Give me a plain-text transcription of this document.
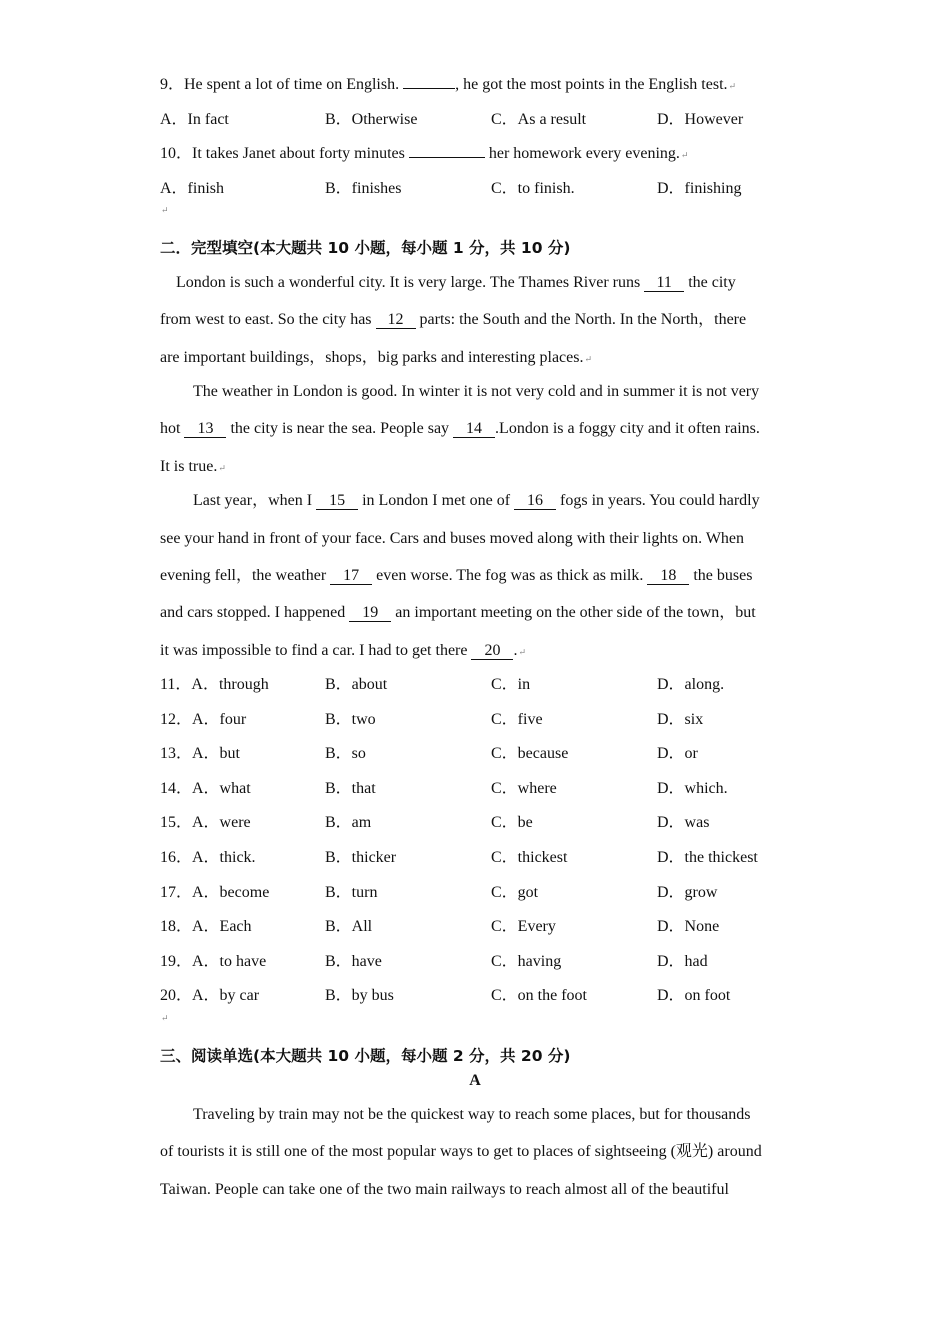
9．He spent a lot of time on English.	, he got the most points in the English test.↵
A．In fact	B．Otherwise	C．As a result	D．However
10．It takes Janet about forty minutes	her homework every evening.↵
A．finish	B．finishes	C．to finish.	D．finishing
↵
二．完型填空(本大题共 10 小题，每小题 1 分，共 10 分)
London is such a wonderful city. It is very large. The Thames River runs 11 the city
from west to east. So the city has 12 parts: the South and the North. In the North，there
are important buildings，shops，big parks and interesting places.↵
The weather in London is good. In winter it is not very cold and in summer it is not very
hot 13 the city is near the sea. People say 14 .London is a foggy city and it often rains.
It is true.↵
Last year，when I 15 in London I met one of 16 fogs in years. You could hardly
see your hand in front of your face. Cars and buses moved along with their lights on. When
evening fell，the weather 17 even worse. The fog was as thick as milk. 18 the buses
and cars stopped. I happened 19 an important meeting on the other side of the town，but
it was impossible to find a car. I had to get there 20 .↵
11．A．through	B．about	C．in	D．along.
12．A．four	B．two	C．five	D．six
13．A．but	B．so	C．because	D．or
14．A．what	B．that	C．where	D．which.
15．A．were	B．am	C．be	D．was
16．A．thick.	B．thicker	C．thickest	D．the thickest
17．A．become	B．turn	C．got	D．grow
18．A．Each	B．All	C．Every	D．None
19．A．to have	B．have	C．having	D．had
20．A．by car	B．by bus	C．on the foot	D．on foot
↵
三、阅读单选(本大题共 10 小题，每小题 2 分，共 20 分)
A
Traveling by train may not be the quickest way to reach some places, but for thousands
of tourists it is still one of the most popular ways to get to places of sightseeing (观光) around
Taiwan. People can take one of the two main railways to reach almost all of the beautiful
